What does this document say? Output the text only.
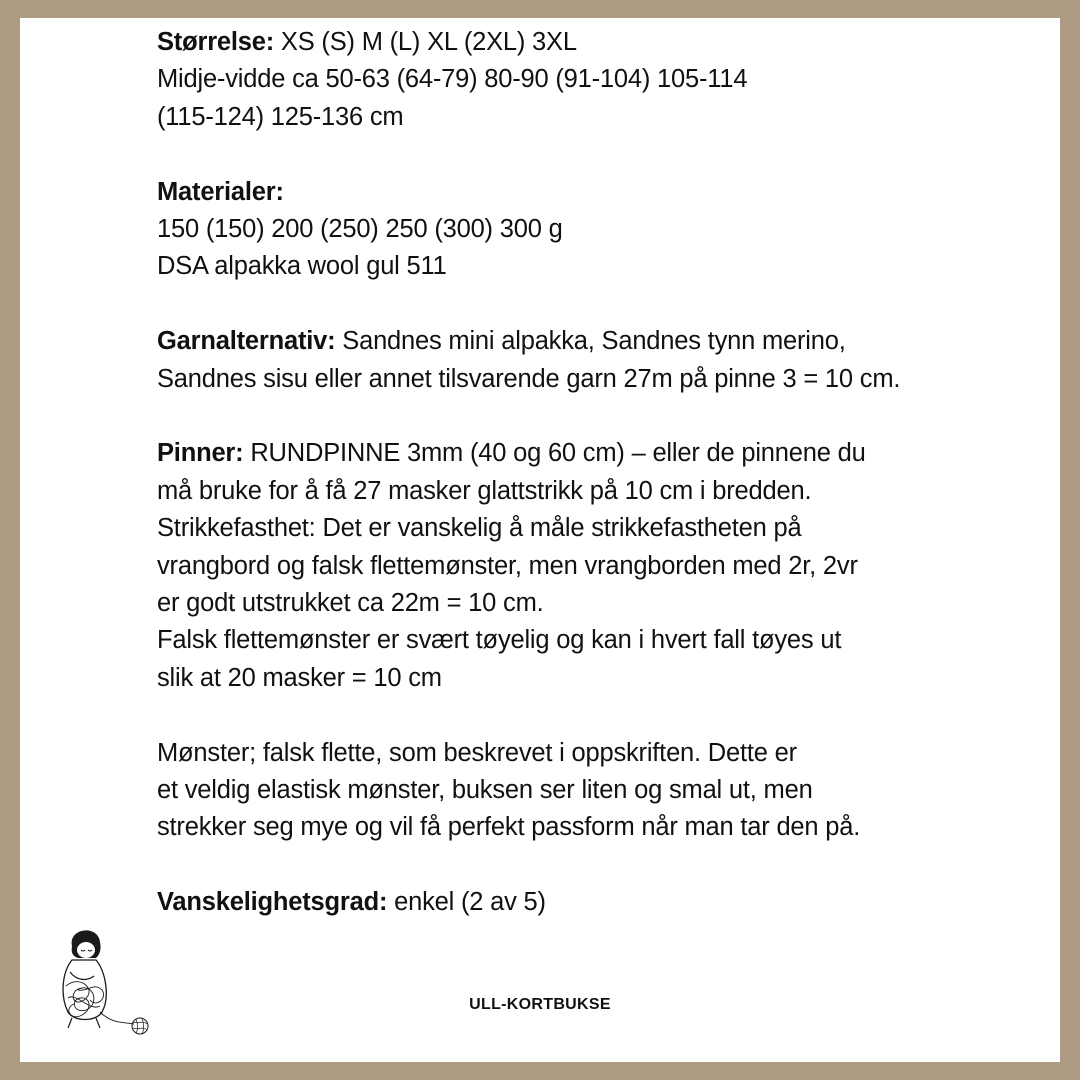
Størrelse: XS (S) M (L) XL (2XL) 3XL
Midje-vidde ca 50-63 (64-79) 80-90 (91-104) 105-114
(115-124) 125-136 cm
Materialer:
150 (150) 200 (250) 250 (300) 300 g
DSA alpakka wool gul 511
Garnalternativ: Sandnes mini alpakka, Sandnes tynn merino,
Sandnes sisu eller annet tilsvarende garn 27m på pinne 3 = 10 cm.
Pinner: RUNDPINNE 3mm (40 og 60 cm) – eller de pinnene du
må bruke for å få 27 masker glattstrikk på 10 cm i bredden.
Strikkefasthet: Det er vanskelig å måle strikkefastheten på
vrangbord og falsk flettemønster, men vrangborden med 2r, 2vr
er godt utstrukket ca 22m = 10 cm.
Falsk flettemønster er svært tøyelig og kan i hvert fall tøyes ut
slik at 20 masker = 10 cm
Mønster; falsk flette, som beskrevet i oppskriften. Dette er
et veldig elastisk mønster, buksen ser liten og smal ut, men
strekker seg mye og vil få perfekt passform når man tar den på.
Vanskelighetsgrad: enkel (2 av 5)
ULL-KORTBUKSE
